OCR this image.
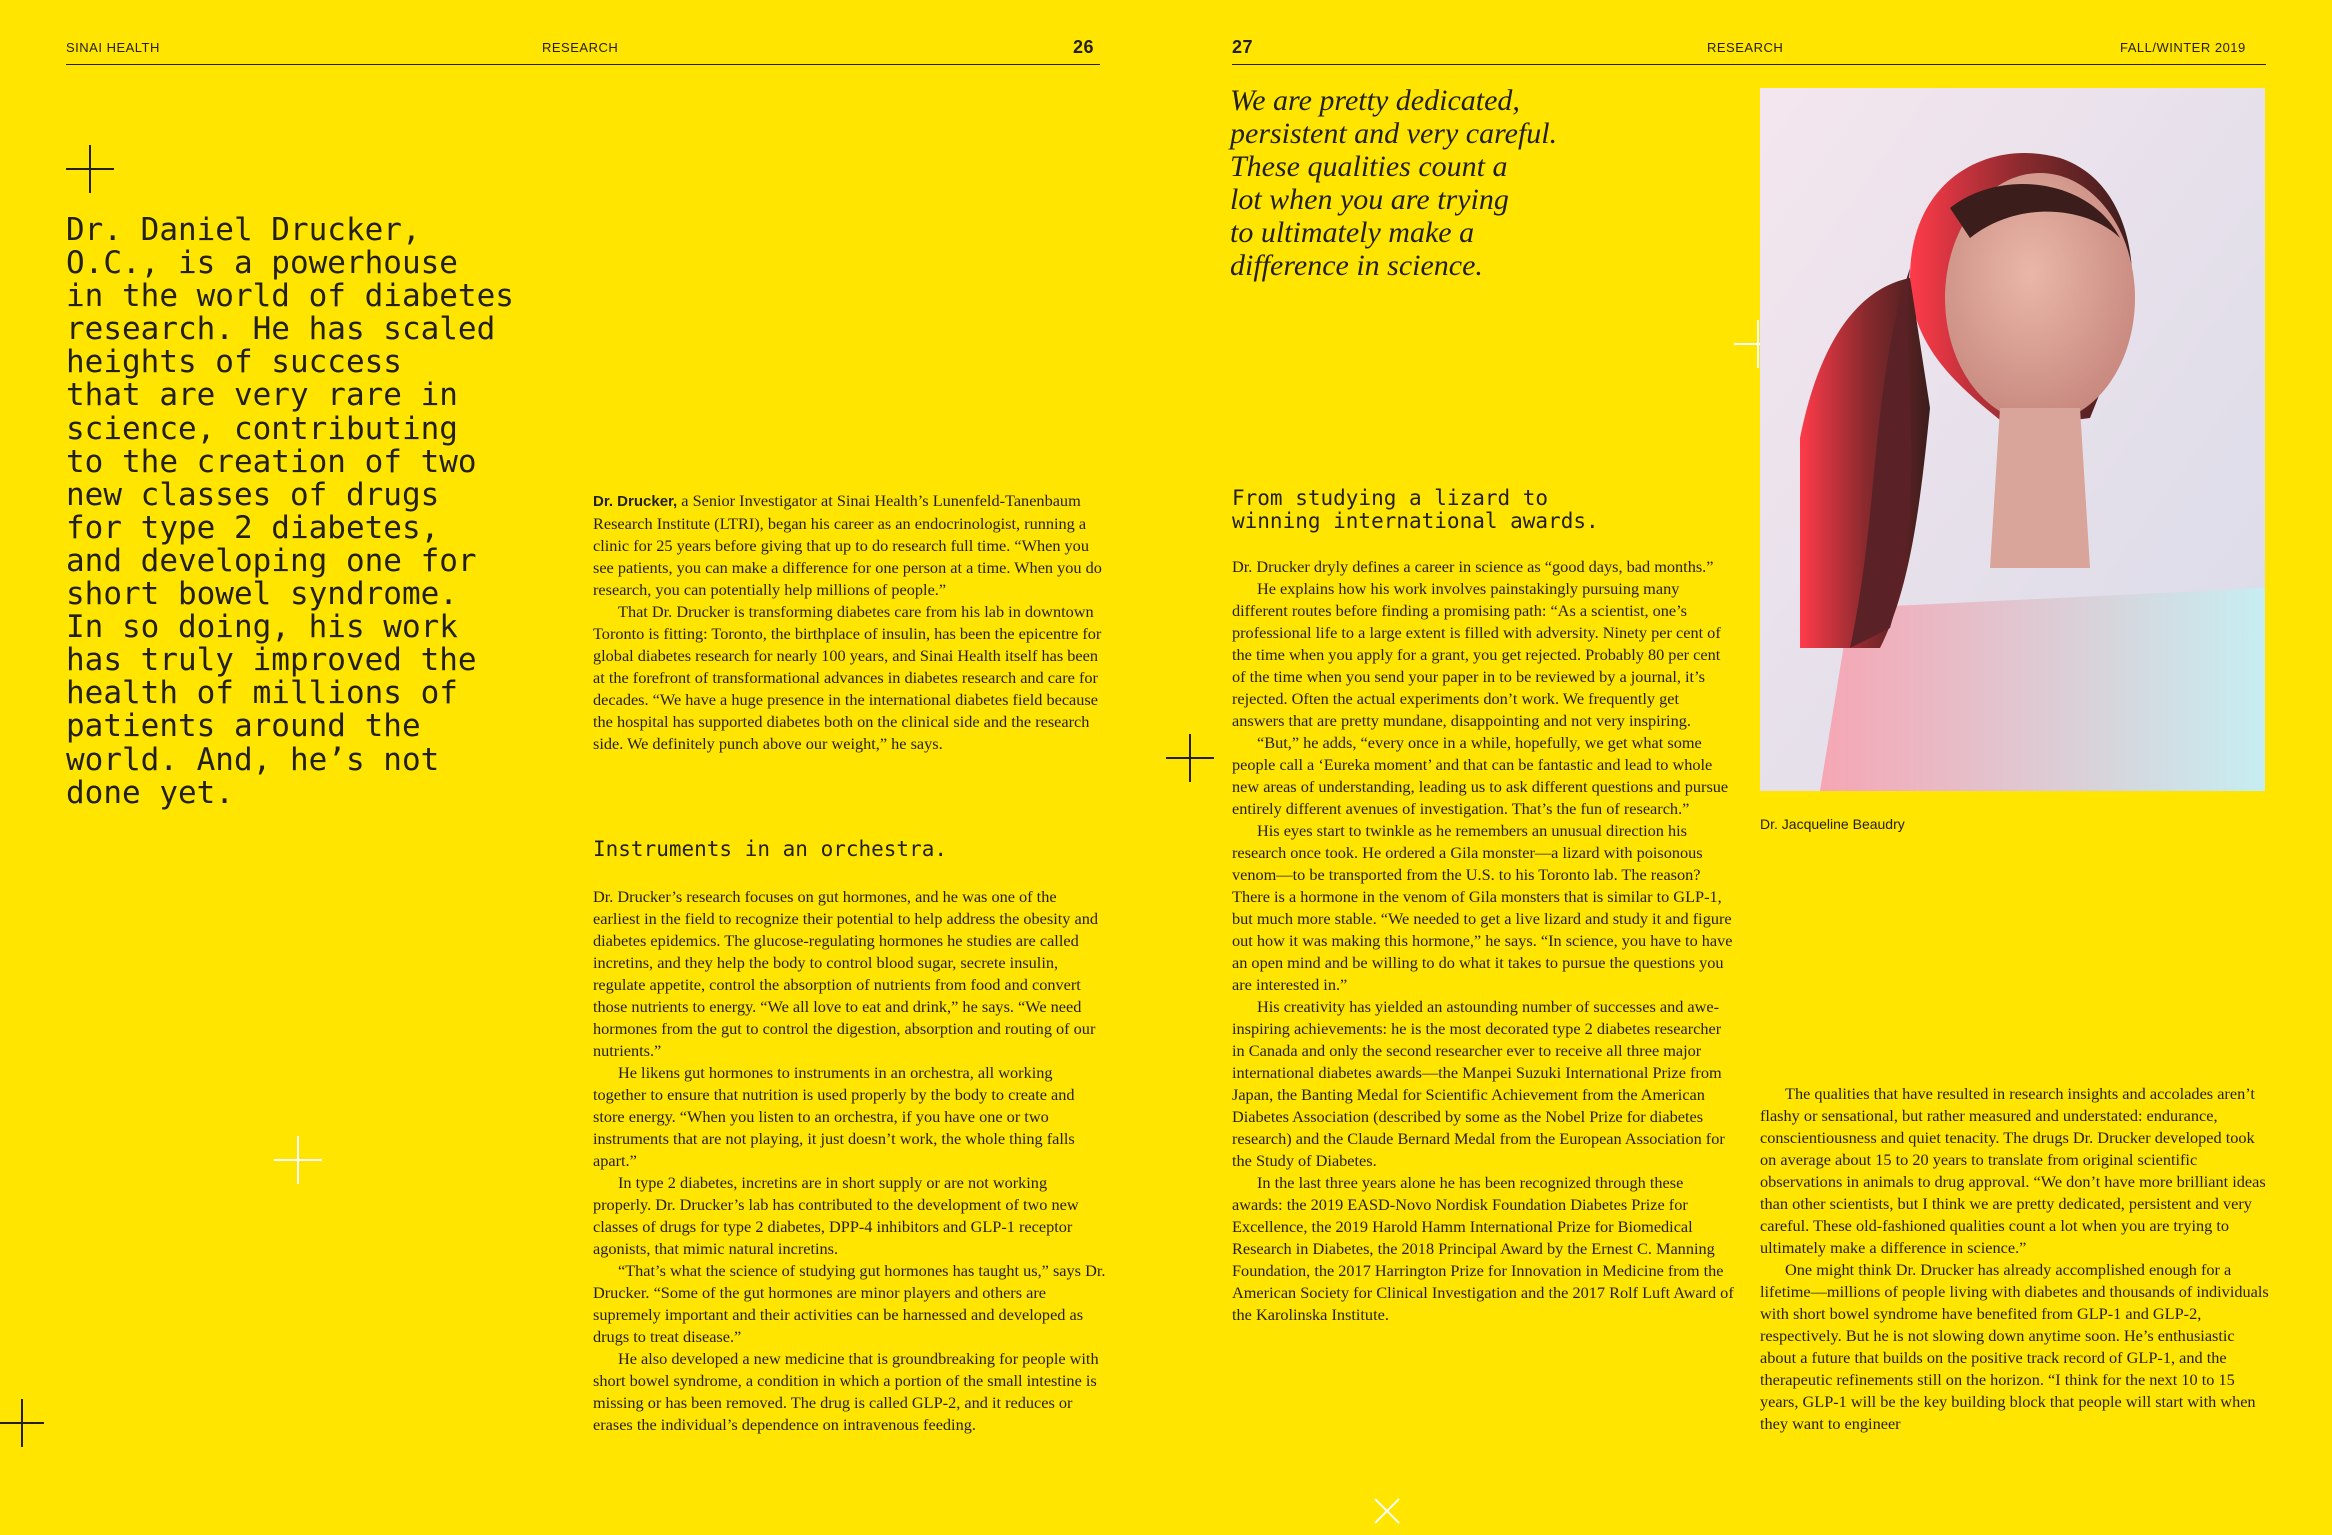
SINAI HEALTH	RESEARCH	26	27	RESEARCH	FALL/WINTER 2019
Dr. Daniel Drucker,
O.C., is a powerhouse
in the world of diabetes
research. He has scaled
heights of success
that are very rare in
science, contributing
to the creation of two
new classes of drugs
for type 2 diabetes,
and developing one for
short bowel syndrome.
In so doing, his work
has truly improved the
health of millions of
patients around the
world. And, he’s not
done yet.

Dr. Drucker, a Senior Investigator at Sinai Health’s Lunenfeld-Tanenbaum Research Institute (LTRI), began his career as an endocrinologist, running a clinic for 25 years before giving that up to do research full time. “When you see patients, you can make a difference for one person at a time. When you do research, you can potentially help millions of people.”

That Dr. Drucker is transforming diabetes care from his lab in downtown Toronto is fitting: Toronto, the birthplace of insulin, has been the epicentre for global diabetes research for nearly 100 years, and Sinai Health itself has been at the forefront of transformational advances in diabetes research and care for decades. “We have a huge presence in the international diabetes field because the hospital has supported diabetes both on the clinical side and the research side. We definitely punch above our weight,” he says.

Instruments in an orchestra.

Dr. Drucker’s research focuses on gut hormones, and he was one of the earliest in the field to recognize their potential to help address the obesity and diabetes epidemics. The glucose-regulating hormones he studies are called incretins, and they help the body to control blood sugar, secrete insulin, regulate appetite, control the absorption of nutrients from food and convert those nutrients to energy. “We all love to eat and drink,” he says. “We need hormones from the gut to control the digestion, absorption and routing of our nutrients.”

He likens gut hormones to instruments in an orchestra, all working together to ensure that nutrition is used properly by the body to create and store energy. “When you listen to an orchestra, if you have one or two instruments that are not playing, it just doesn’t work, the whole thing falls apart.”

In type 2 diabetes, incretins are in short supply or are not working properly. Dr. Drucker’s lab has contributed to the development of two new classes of drugs for type 2 diabetes, DPP-4 inhibitors and GLP-1 receptor agonists, that mimic natural incretins.

“That’s what the science of studying gut hormones has taught us,” says Dr. Drucker. “Some of the gut hormones are minor players and others are supremely important and their activities can be harnessed and developed as drugs to treat disease.”

He also developed a new medicine that is groundbreaking for people with short bowel syndrome, a condition in which a portion of the small intestine is missing or has been removed. The drug is called GLP-2, and it reduces or erases the individual’s dependence on intravenous feeding.

We are pretty dedicated,
persistent and very careful.
These qualities count a
lot when you are trying
to ultimately make a
difference in science.
From studying a lizard to
winning international awards.

Dr. Drucker dryly defines a career in science as “good days, bad months.”

He explains how his work involves painstakingly pursuing many different routes before finding a promising path: “As a scientist, one’s professional life to a large extent is filled with adversity. Ninety per cent of the time when you apply for a grant, you get rejected. Probably 80 per cent of the time when you send your paper in to be reviewed by a journal, it’s rejected. Often the actual experiments don’t work. We frequently get answers that are pretty mundane, disappointing and not very inspiring.

“But,” he adds, “every once in a while, hopefully, we get what some people call a ‘Eureka moment’ and that can be fantastic and lead to whole new areas of understanding, leading us to ask different questions and pursue entirely different avenues of investigation. That’s the fun of research.”

His eyes start to twinkle as he remembers an unusual direction his research once took. He ordered a Gila monster—a lizard with poisonous venom—to be transported from the U.S. to his Toronto lab. The reason? There is a hormone in the venom of Gila monsters that is similar to GLP-1, but much more stable. “We needed to get a live lizard and study it and figure out how it was making this hormone,” he says. “In science, you have to have an open mind and be willing to do what it takes to pursue the questions you are interested in.”

His creativity has yielded an astounding number of successes and awe-inspiring achievements: he is the most decorated type 2 diabetes researcher in Canada and only the second researcher ever to receive all three major international diabetes awards—the Manpei Suzuki International Prize from Japan, the Banting Medal for Scientific Achievement from the American Diabetes Association (described by some as the Nobel Prize for diabetes research) and the Claude Bernard Medal from the European Association for the Study of Diabetes.

In the last three years alone he has been recognized through these awards: the 2019 EASD-Novo Nordisk Foundation Diabetes Prize for Excellence, the 2019 Harold Hamm International Prize for Biomedical Research in Diabetes, the 2018 Principal Award by the Ernest C. Manning Foundation, the 2017 Harrington Prize for Innovation in Medicine from the American Society for Clinical Investigation and the 2017 Rolf Luft Award of the Karolinska Institute.

Dr. Jacqueline Beaudry

The qualities that have resulted in research insights and accolades aren’t flashy or sensational, but rather measured and understated: endurance, conscientiousness and quiet tenacity. The drugs Dr. Drucker developed took on average about 15 to 20 years to translate from original scientific observations in animals to drug approval. “We don’t have more brilliant ideas than other scientists, but I think we are pretty dedicated, persistent and very careful. These old-fashioned qualities count a lot when you are trying to ultimately make a difference in science.”

One might think Dr. Drucker has already accomplished enough for a lifetime—millions of people living with diabetes and thousands of individuals with short bowel syndrome have benefited from GLP-1 and GLP-2, respectively. But he is not slowing down anytime soon. He’s enthusiastic about a future that builds on the positive track record of GLP-1, and the therapeutic refinements still on the horizon. “I think for the next 10 to 15 years, GLP-1 will be the key building block that people will start with when they want to engineer
